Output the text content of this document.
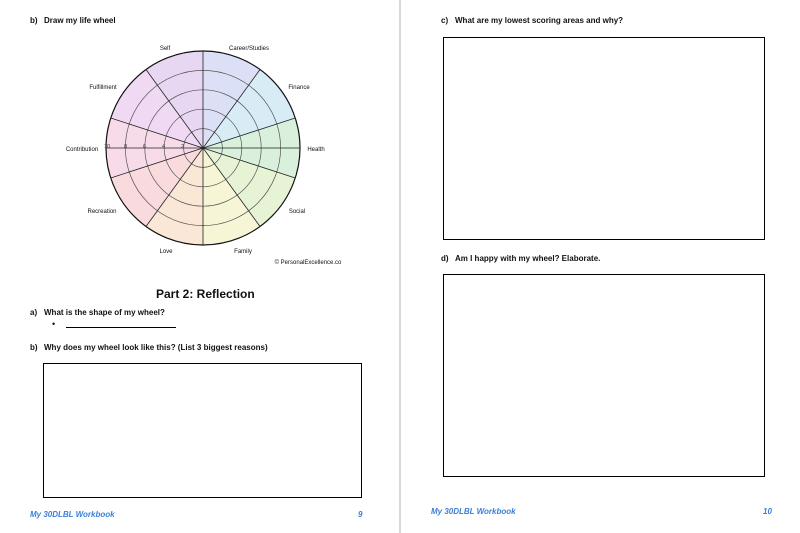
b) Draw my life wheel
10	8	6	4	2
Self	Career/Studies
Finance
Health
Social
Family
Love
Recreation
Contribution
Fulfillment
© PersonalExcellence.co
Part 2: Reflection
a) What is the shape of my wheel?
•
b) Why does my wheel look like this? (List 3 biggest reasons)
My 30DLBL Workbook	9
c) What are my lowest scoring areas and why?
d) Am I happy with my wheel? Elaborate.
My 30DLBL Workbook	10
